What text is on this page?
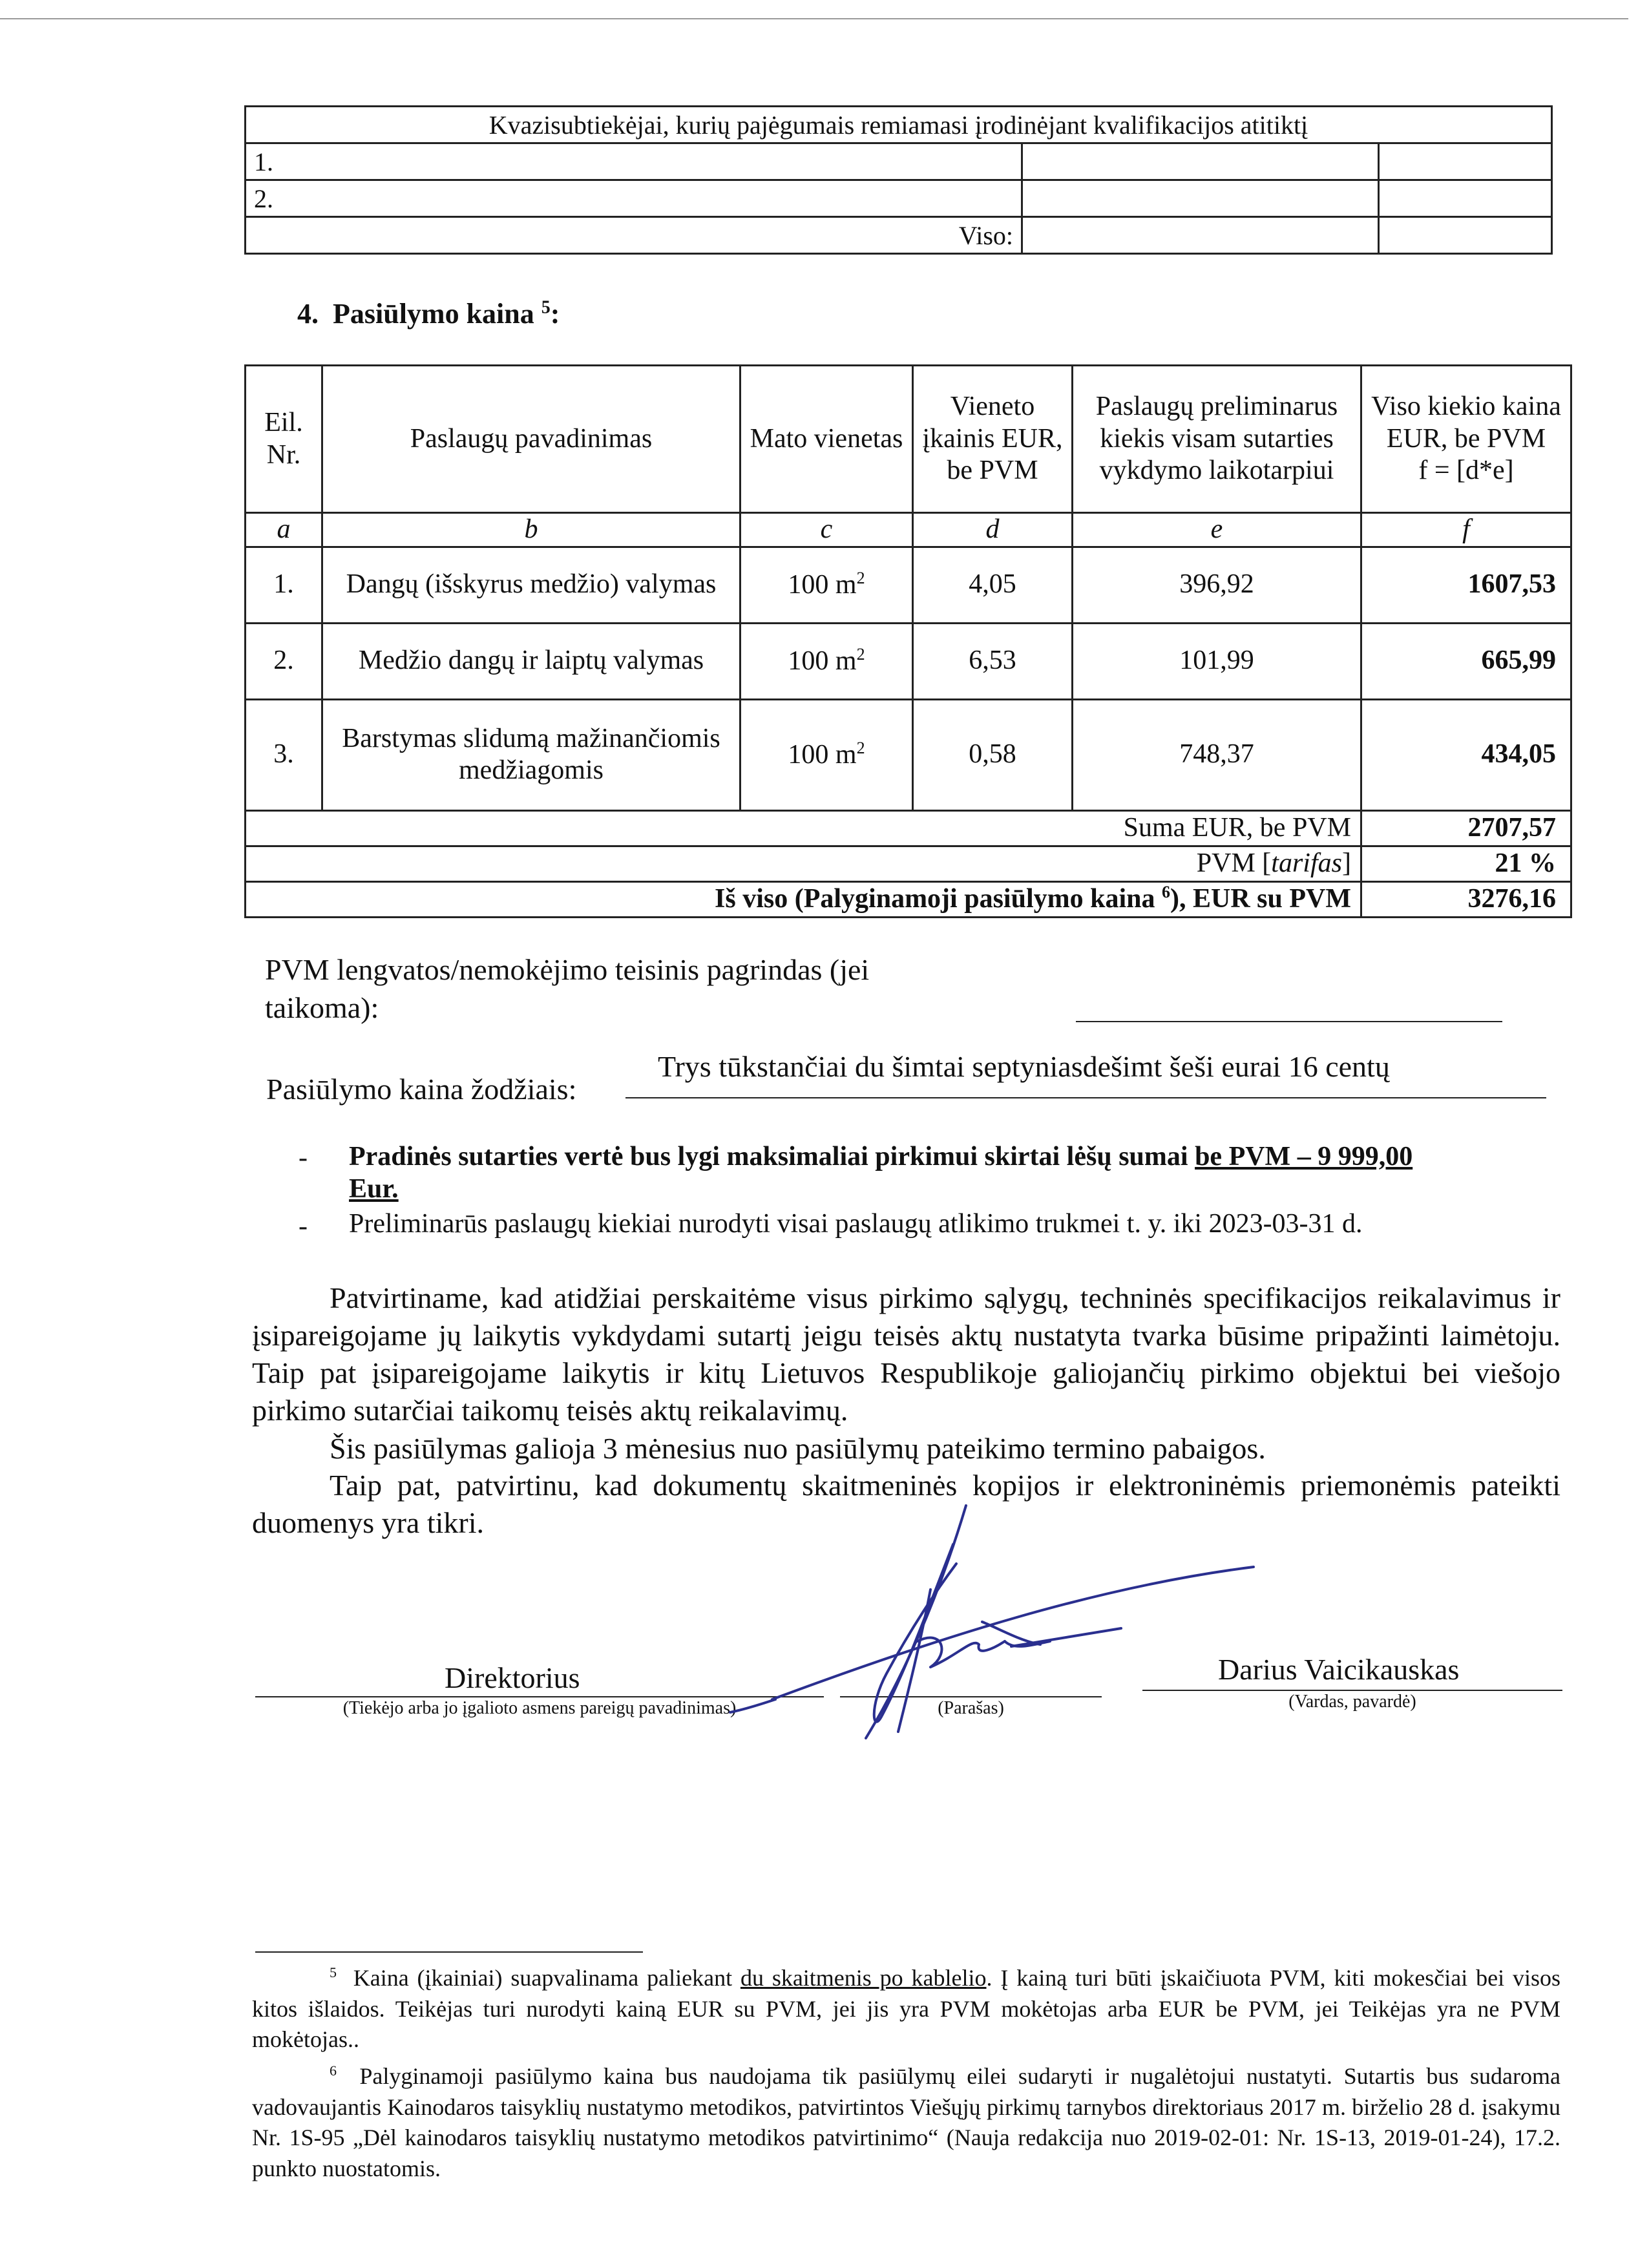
Kvazisubtiekėjai, kurių pajėgumais remiamasi įrodinėjant kvalifikacijos atitiktį		
1.		
2.		
Viso:		
4. Pasiūlymo kaina $^5$:
Eil. Nr.	Paslaugų pavadinimas	Mato vienetas	Vieneto įkainis EUR, be PVM	Paslaugų preliminarus kiekis visam sutarties vykdymo laikotarpiui	Viso kiekio kaina EUR, be PVM
f = [d*e]
a	b	c	d	e	f
1.	Dangų (išskyrus medžio) valymas	100 $m^2$	4,05	396,92	1607,53
2.	Medžio dangų ir laiptų valymas	100 $m^2$	6,53	101,99	665,99
3.	Barstymas slidumą mažinančiomis medžiagomis	100 $m^2$	0,58	748,37	434,05
Suma EUR, be PVM					2707,57
PVM [tarifas]					21 %
Iš viso (Palyginamoji pasiūlymo kaina $^6$), EUR su PVM					3276,16
PVM lengvatos/nemokėjimo teisinis pagrindas (jei
taikoma):
Trys tūkstančiai du šimtai septyniasdešimt šeši eurai 16 centų
Pasiūlymo kaina žodžiais:
- Pradinės sutarties vertė bus lygi maksimaliai pirkimui skirtai lėšų sumai be PVM – 9 999,00
Eur.
- Preliminarūs paslaugų kiekiai nurodyti visai paslaugų atlikimo trukmei t. y. iki 2023-03-31 d.
Patvirtiname, kad atidžiai perskaitėme visus pirkimo sąlygų, techninės specifikacijos reikalavimus ir įsipareigojame jų laikytis vykdydami sutartį jeigu teisės aktų nustatyta tvarka būsime pripažinti laimėtoju. Taip pat įsipareigojame laikytis ir kitų Lietuvos Respublikoje galiojančių pirkimo objektui bei viešojo pirkimo sutarčiai taikomų teisės aktų reikalavimų.
Šis pasiūlymas galioja 3 mėnesius nuo pasiūlymų pateikimo termino pabaigos.
Taip pat, patvirtinu, kad dokumentų skaitmeninės kopijos ir elektroninėmis priemonėmis pateikti duomenys yra tikri.
Direktorius
(Tiekėjo arba jo įgalioto asmens pareigų pavadinimas)	(Parašas)
Darius Vaicikauskas
(Vardas, pavardė)
$^5$ Kaina (įkainiai) suapvalinama paliekant du skaitmenis po kablelio. Į kainą turi būti įskaičiuota PVM, kiti mokesčiai bei visos kitos išlaidos. Teikėjas turi nurodyti kainą EUR su PVM, jei jis yra PVM mokėtojas arba EUR be PVM, jei Teikėjas yra ne PVM mokėtojas..
$^6$ Palyginamoji pasiūlymo kaina bus naudojama tik pasiūlymų eilei sudaryti ir nugalėtojui nustatyti. Sutartis bus sudaroma vadovaujantis Kainodaros taisyklių nustatymo metodikos, patvirtintos Viešųjų pirkimų tarnybos direktoriaus 2017 m. birželio 28 d. įsakymu Nr. 1S-95 „Dėl kainodaros taisyklių nustatymo metodikos patvirtinimo“ (Nauja redakcija nuo 2019-02-01: Nr. 1S-13, 2019-01-24), 17.2. punkto nuostatomis.
